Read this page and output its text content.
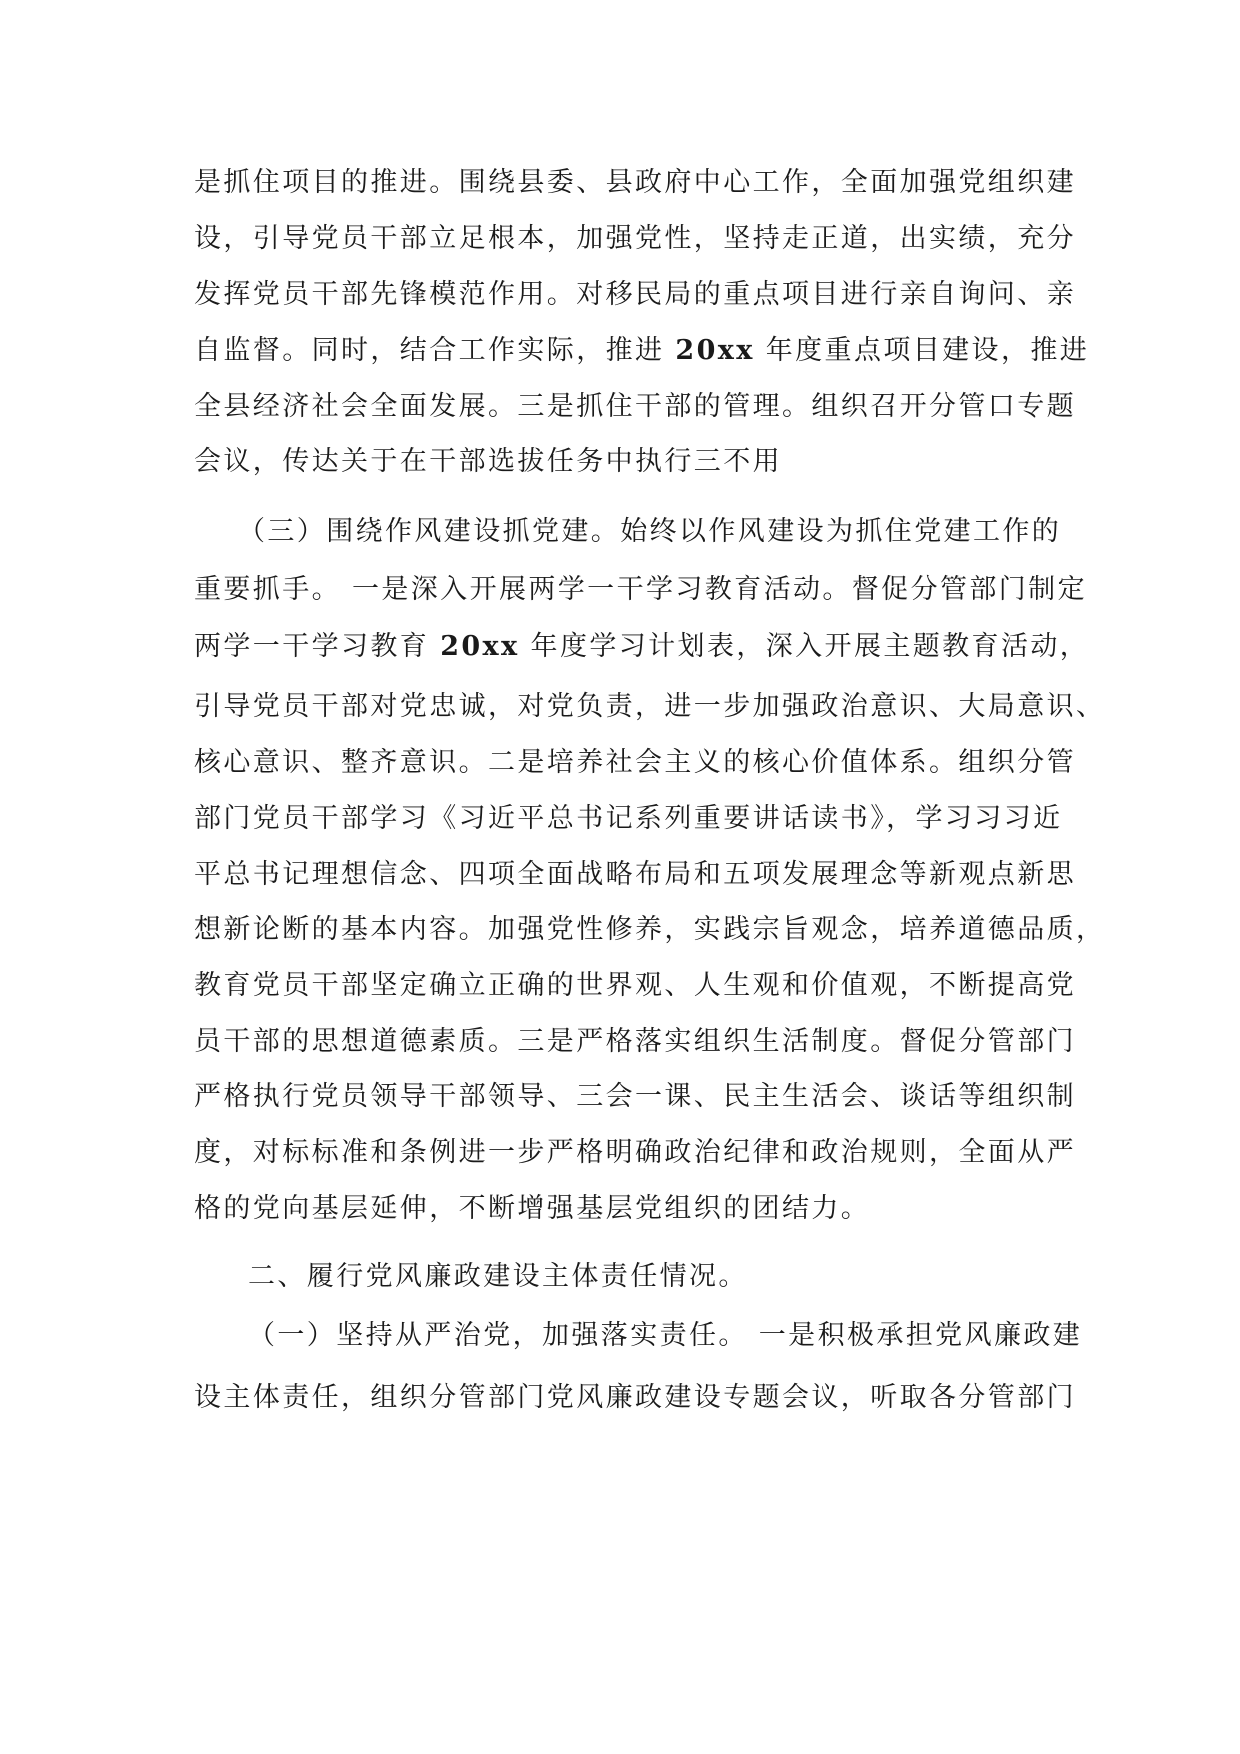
是抓住项目的推进。围绕县委、县政府中心工作，全面加强党组织建
设，引导党员干部立足根本，加强党性，坚持走正道，出实绩，充分
发挥党员干部先锋模范作用。对移民局的重点项目进行亲自询问、亲
自监督。同时，结合工作实际，推进 20xx 年度重点项目建设，推进
全县经济社会全面发展。三是抓住干部的管理。组织召开分管口专题
会议，传达关于在干部选拔任务中执行三不用
（三）围绕作风建设抓党建。始终以作风建设为抓住党建工作的
重要抓手。 一是深入开展两学一干学习教育活动。督促分管部门制定
两学一干学习教育 20xx 年度学习计划表，深入开展主题教育活动，
引导党员干部对党忠诚，对党负责，进一步加强政治意识、大局意识、
核心意识、整齐意识。二是培养社会主义的核心价值体系。组织分管
部门党员干部学习《习近平总书记系列重要讲话读书》，学习习习近
平总书记理想信念、四项全面战略布局和五项发展理念等新观点新思
想新论断的基本内容。加强党性修养，实践宗旨观念，培养道德品质，
教育党员干部坚定确立正确的世界观、人生观和价值观，不断提高党
员干部的思想道德素质。三是严格落实组织生活制度。督促分管部门
严格执行党员领导干部领导、三会一课、民主生活会、谈话等组织制
度，对标标准和条例进一步严格明确政治纪律和政治规则，全面从严
格的党向基层延伸，不断增强基层党组织的团结力。
二、履行党风廉政建设主体责任情况。
（一）坚持从严治党，加强落实责任。 一是积极承担党风廉政建
设主体责任，组织分管部门党风廉政建设专题会议，听取各分管部门
